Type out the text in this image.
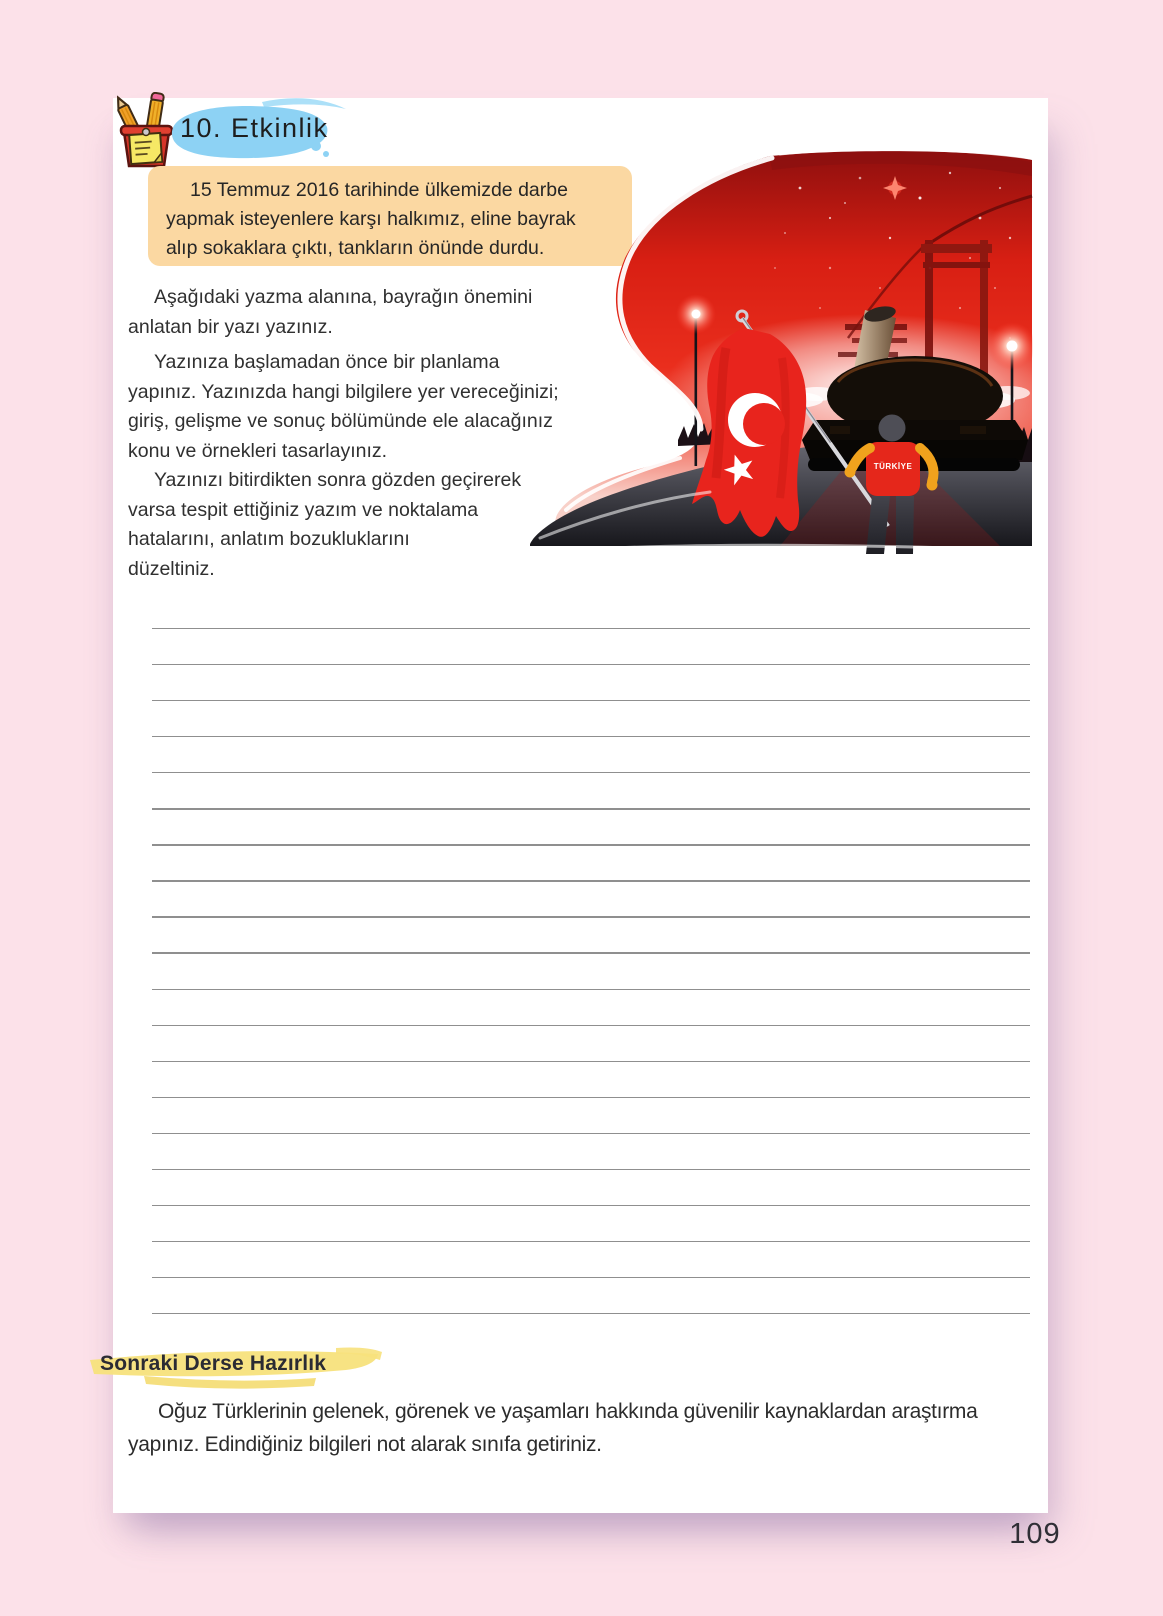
10. Etkinlik
15 Temmuz 2016 tarihinde ülkemizde darbe
yapmak isteyenlere karşı halkımız, eline bayrak
alıp sokaklara çıktı, tankların önünde durdu.
Aşağıdaki yazma alanına, bayrağın önemini
anlatan bir yazı yazınız.
Yazınıza başlamadan önce bir planlama
yapınız. Yazınızda hangi bilgilere yer vereceğinizi;
giriş, gelişme ve sonuç bölümünde ele alacağınız
konu ve örnekleri tasarlayınız.
Yazınızı bitirdikten sonra gözden geçirerek
varsa tespit ettiğiniz yazım ve noktalama
hatalarını, anlatım bozukluklarını
düzeltiniz.
TÜRKİYE
Sonraki Derse Hazırlık
Oğuz Türklerinin gelenek, görenek ve yaşamları hakkında güvenilir kaynaklardan araştırma
yapınız. Edindiğiniz bilgileri not alarak sınıfa getiriniz.
109
